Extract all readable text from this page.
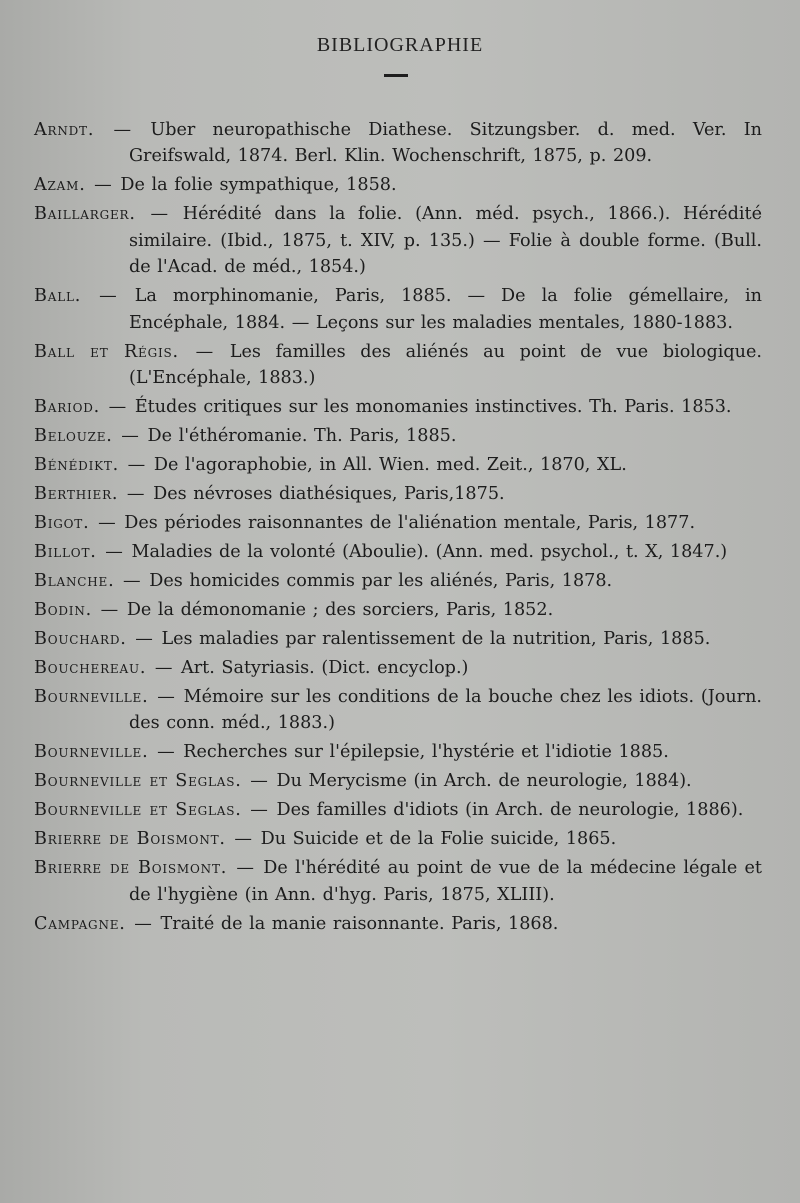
BIBLIOGRAPHIE
Arndt. — Uber neuropathische Diathese. Sitzungsber. d. med. Ver. In Greifswald, 1874. Berl. Klin. Wochenschrift, 1875, p. 209.
Azam. — De la folie sympathique, 1858.
Baillarger. — Hérédité dans la folie. (Ann. méd. psych., 1866.). Hérédité similaire. (Ibid., 1875, t. XIV, p. 135.) — Folie à double forme. (Bull. de l'Acad. de méd., 1854.)
Ball. — La morphinomanie, Paris, 1885. — De la folie gémellaire, in Encéphale, 1884. — Leçons sur les maladies mentales, 1880-1883.
Ball et Régis. — Les familles des aliénés au point de vue biologique. (L'Encéphale, 1883.)
Bariod. — Études critiques sur les monomanies instinctives. Th. Paris. 1853.
Belouze. — De l'éthéromanie. Th. Paris, 1885.
Bénédikt. — De l'agoraphobie, in All. Wien. med. Zeit., 1870, XL.
Berthier. — Des névroses diathésiques, Paris,1875.
Bigot. — Des périodes raisonnantes de l'aliénation mentale, Paris, 1877.
Billot. — Maladies de la volonté (Aboulie). (Ann. med. psychol., t. X, 1847.)
Blanche. — Des homicides commis par les aliénés, Paris, 1878.
Bodin. — De la démonomanie ; des sorciers, Paris, 1852.
Bouchard. — Les maladies par ralentissement de la nutrition, Paris, 1885.
Bouchereau. — Art. Satyriasis. (Dict. encyclop.)
Bourneville. — Mémoire sur les conditions de la bouche chez les idiots. (Journ. des conn. méd., 1883.)
Bourneville. — Recherches sur l'épilepsie, l'hystérie et l'idiotie 1885.
Bourneville et Seglas. — Du Merycisme (in Arch. de neurologie, 1884).
Bourneville et Seglas. — Des familles d'idiots (in Arch. de neurologie, 1886).
Brierre de Boismont. — Du Suicide et de la Folie suicide, 1865.
Brierre de Boismont. — De l'hérédité au point de vue de la médecine légale et de l'hygiène (in Ann. d'hyg. Paris, 1875, XLIII).
Campagne. — Traité de la manie raisonnante. Paris, 1868.
